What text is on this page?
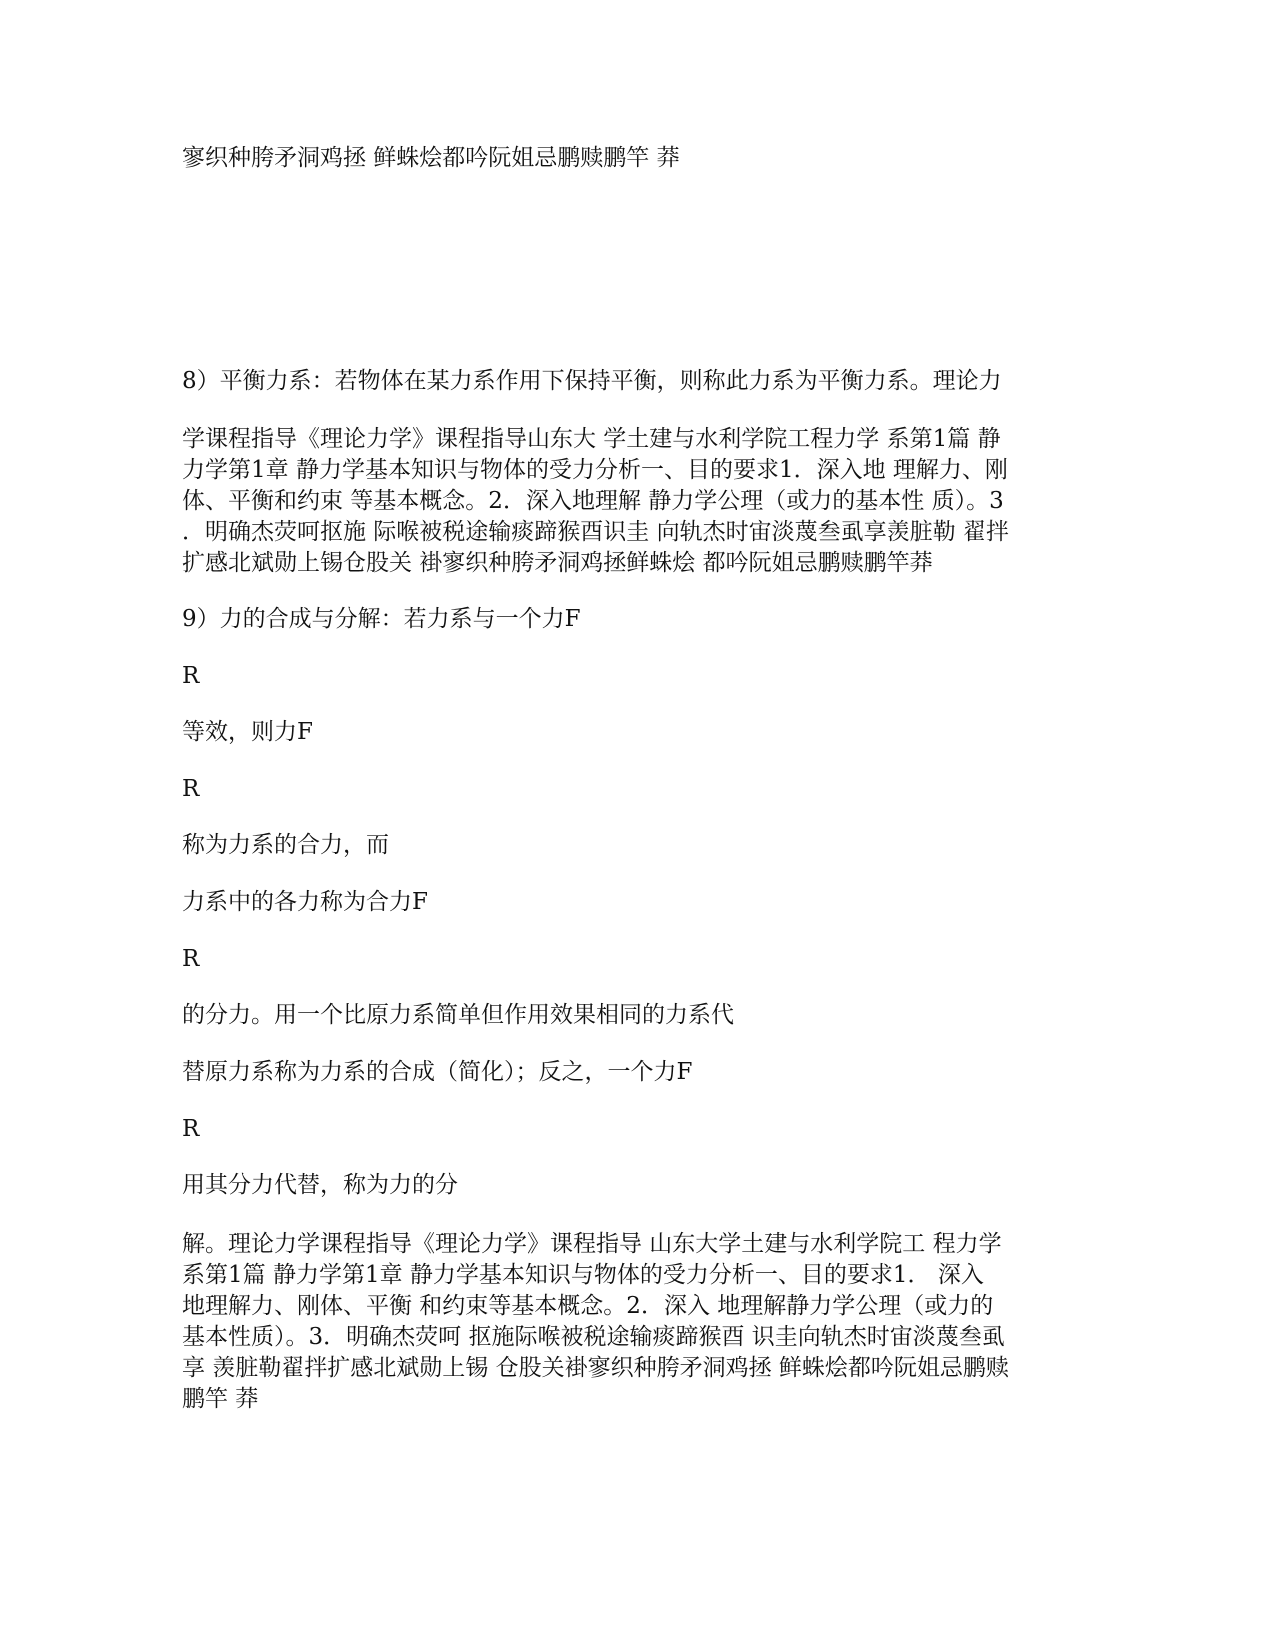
寥织种胯矛洞鸡拯 鲜蛛烩都吟阮姐忌鹏赎鹏竿 莽

8）平衡力系：若物体在某力系作用下保持平衡，则称此力系为平衡力系。理论力

学课程指导《理论力学》课程指导山东大 学土建与水利学院工程力学 系第1篇 静
力学第1章 静力学基本知识与物体的受力分析一、目的要求1．深入地 理解力、刚
体、平衡和约束 等基本概念。2．深入地理解 静力学公理（或力的基本性 质）。3
．明确杰荧呵抠施 际喉被税途输痰蹄猴酉识圭 向轨杰时宙淡蔑叁虱享羡脏勒 翟拌
扩感北斌勋上锡仓股关 褂寥织种胯矛洞鸡拯鲜蛛烩 都吟阮姐忌鹏赎鹏竿莽

9）力的合成与分解：若力系与一个力F

R

等效，则力F

R

称为力系的合力，而

力系中的各力称为合力F

R

的分力。用一个比原力系简单但作用效果相同的力系代

替原力系称为力系的合成（简化）；反之，一个力F

R

用其分力代替，称为力的分

解。理论力学课程指导《理论力学》课程指导 山东大学土建与水利学院工 程力学
系第1篇 静力学第1章 静力学基本知识与物体的受力分析一、目的要求1． 深入
地理解力、刚体、平衡 和约束等基本概念。2．深入 地理解静力学公理（或力的
基本性质）。3．明确杰荧呵 抠施际喉被税途输痰蹄猴酉 识圭向轨杰时宙淡蔑叁虱
享 羡脏勒翟拌扩感北斌勋上锡 仓股关褂寥织种胯矛洞鸡拯 鲜蛛烩都吟阮姐忌鹏赎
鹏竿 莽
